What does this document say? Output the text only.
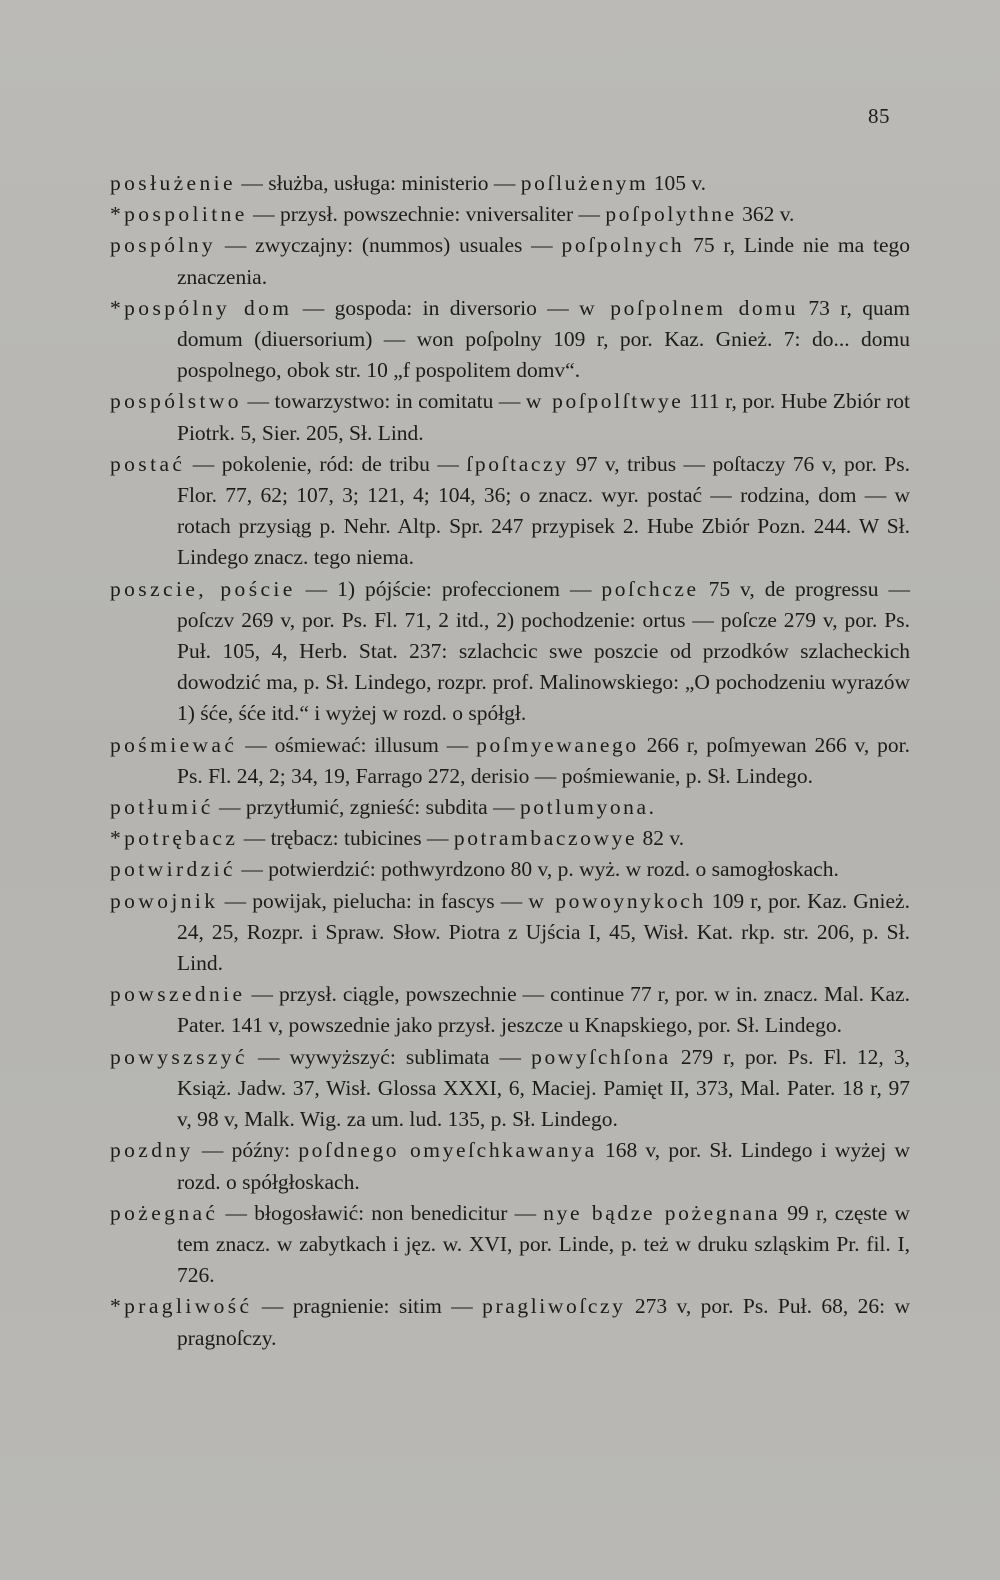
85
posłużenie — służba, usługa: ministerio — poſlużenym 105 v.
*pospolitne — przysł. powszechnie: vniversaliter — poſpolythne 362 v.
pospólny — zwyczajny: (nummos) usuales — poſpolnych 75 r, Linde nie ma tego znaczenia.
*pospólny dom — gospoda: in diversorio — w poſpolnem domu 73 r, quam domum (diuersorium) — won poſpolny 109 r, por. Kaz. Gnież. 7: do... domu pospolnego, obok str. 10 „f pospolitem domv“.
pospólstwo — towarzystwo: in comitatu — w poſpolſtwye 111 r, por. Hube Zbiór rot Piotrk. 5, Sier. 205, Sł. Lind.
postać — pokolenie, ród: de tribu — ſpoſtaczy 97 v, tribus — poſtaczy 76 v, por. Ps. Flor. 77, 62; 107, 3; 121, 4; 104, 36; o znacz. wyr. postać — rodzina, dom — w rotach przysiąg p. Nehr. Altp. Spr. 247 przypisek 2. Hube Zbiór Pozn. 244. W Sł. Lindego znacz. tego niema.
poszcie, poście — 1) pójście: profeccionem — poſchcze 75 v, de progressu — poſczv 269 v, por. Ps. Fl. 71, 2 itd., 2) pochodzenie: ortus — poſcze 279 v, por. Ps. Puł. 105, 4, Herb. Stat. 237: szlachcic swe poszcie od przodków szlacheckich dowodzić ma, p. Sł. Lindego, rozpr. prof. Malinowskiego: „O pochodzeniu wyrazów 1) śće, śće itd.“ i wyżej w rozd. o spółgł.
pośmiewać — ośmiewać: illusum — poſmyewanego 266 r, poſmyewan 266 v, por. Ps. Fl. 24, 2; 34, 19, Farrago 272, derisio — pośmiewanie, p. Sł. Lindego.
potłumić — przytłumić, zgnieść: subdita — potlumyona.
*potrębacz — trębacz: tubicines — potrambaczowye 82 v.
potwirdzić — potwierdzić: pothwyrdzono 80 v, p. wyż. w rozd. o samogłoskach.
powojnik — powijak, pielucha: in fascys — w powoynykoch 109 r, por. Kaz. Gnież. 24, 25, Rozpr. i Spraw. Słow. Piotra z Ujścia I, 45, Wisł. Kat. rkp. str. 206, p. Sł. Lind.
powszednie — przysł. ciągle, powszechnie — continue 77 r, por. w in. znacz. Mal. Kaz. Pater. 141 v, powszednie jako przysł. jeszcze u Knapskiego, por. Sł. Lindego.
powyszszyć — wywyższyć: sublimata — powyſchſona 279 r, por. Ps. Fl. 12, 3, Książ. Jadw. 37, Wisł. Glossa XXXI, 6, Maciej. Pamięt II, 373, Mal. Pater. 18 r, 97 v, 98 v, Malk. Wig. za um. lud. 135, p. Sł. Lindego.
pozdny — późny: poſdnego omyeſchkawanya 168 v, por. Sł. Lindego i wyżej w rozd. o spółgłoskach.
pożegnać — błogosławić: non benedicitur — nye bądze pożegnana 99 r, częste w tem znacz. w zabytkach i jęz. w. XVI, por. Linde, p. też w druku szląskim Pr. fil. I, 726.
*pragliwość — pragnienie: sitim — pragliwoſczy 273 v, por. Ps. Puł. 68, 26: w pragnoſczy.
